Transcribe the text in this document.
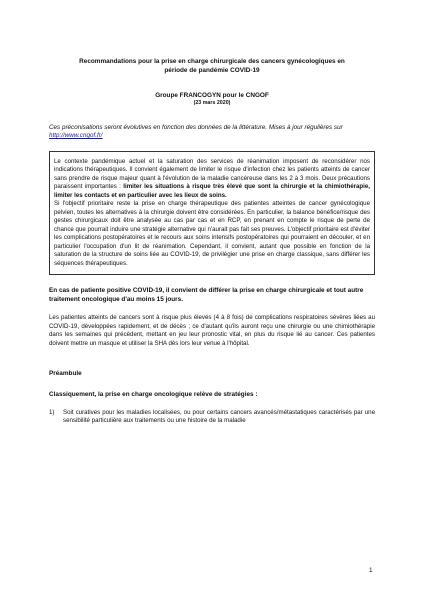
Recommandations pour la prise en charge chirurgicale des cancers gynécologiques en
période de pandémie COVID-19

Groupe FRANCOGYN pour le CNGOF
(23 mars 2020)
Ces préconisations seront évolutives en fonction des données de la littérature. Mises à jour régulières sur http://www.cngof.fr/

Le contexte pandémique actuel et la saturation des services de réanimation imposent de reconsidérer nos indications thérapeutiques. Il convient également de limiter le risque d'infection chez les patients atteints de cancer sans prendre de risque majeur quant à l'évolution de la maladie cancéreuse dans les 2 à 3 mois. Deux précautions paraissent importantes : limiter les situations à risque très élevé que sont la chirurgie et la chimiothérapie, limiter les contacts et en particulier avec les lieux de soins.

Si l'objectif prioritaire reste la prise en charge thérapeutique des patientes atteintes de cancer gynécologique pelvien, toutes les alternatives à la chirurgie doivent être considérées. En particulier, la balance bénéfice/risque des gestes chirurgicaux doit être analysée au cas par cas et en RCP, en prenant en compte le risque de perte de chance que pourrait induire une stratégie alternative qui n'aurait pas fait ses preuves. L'objectif prioritaire est d'éviter les complications postopératoires et le recours aux soins intensifs postopératoires qui pourraient en découler, et en particulier l'occupation d'un lit de réanimation. Cependant, il convient, autant que possible en fonction de la saturation de la structure de soins liée au COVID-19, de privilégier une prise en charge classique, sans différer les séquences thérapeutiques.

En cas de patiente positive COVID-19, il convient de différer la prise en charge chirurgicale et tout autre traitement oncologique d'au moins 15 jours.
Les patientes atteints de cancers sont à risque plus élevés (4 à 8 fois) de complications respiratoires sévères liées au COVID-19, développées rapidement, et de décès ; ce d'autant qu'ils auront reçu une chirurgie ou une chimiothérapie dans les semaines qui précèdent, mettant en jeu leur pronostic vital, en plus du risque lié au cancer. Ces patientes doivent mettre un masque et utiliser la SHA dès lors leur venue à l'hôpital.
Préambule
Classiquement, la prise en charge oncologique relève de stratégies :
1)	Soit curatives pour les maladies localisées, ou pour certains cancers avancés/métastatiques caractérisés par une sensibilité particulière aux traitements ou une histoire de la maladie
1
